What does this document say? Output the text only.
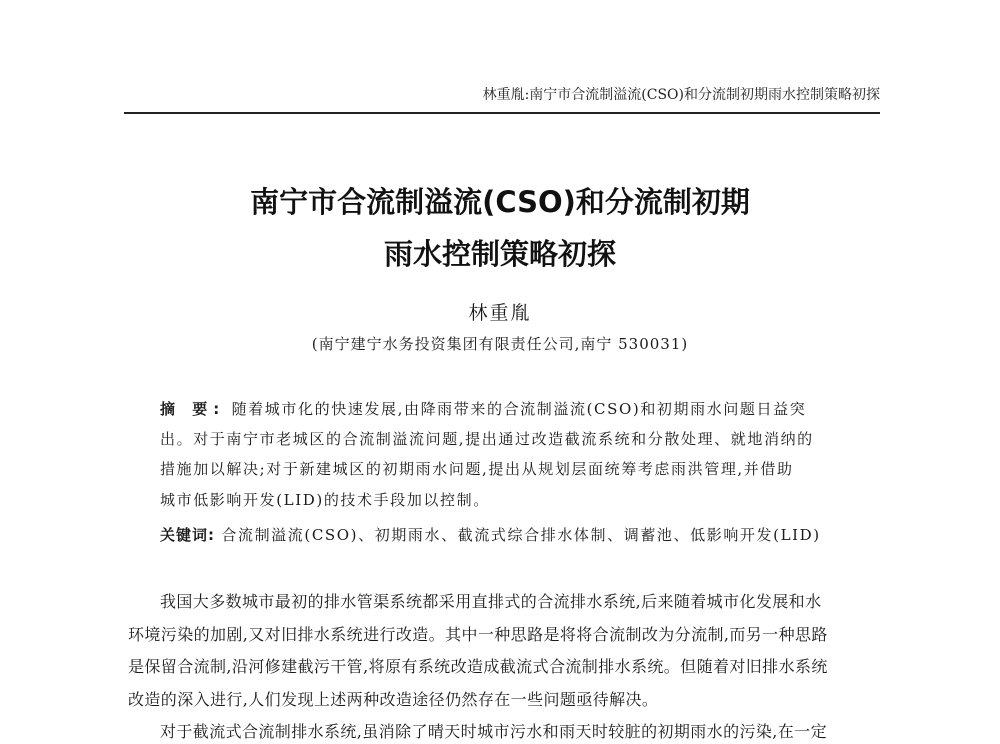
林重胤:南宁市合流制溢流(CSO)和分流制初期雨水控制策略初探
南宁市合流制溢流(CSO)和分流制初期
雨水控制策略初探
林重胤
(南宁建宁水务投资集团有限责任公司,南宁 530031)
摘 要: 随着城市化的快速发展,由降雨带来的合流制溢流(CSO)和初期雨水问题日益突
出。对于南宁市老城区的合流制溢流问题,提出通过改造截流系统和分散处理、就地消纳的
措施加以解决;对于新建城区的初期雨水问题,提出从规划层面统筹考虑雨洪管理,并借助
城市低影响开发(LID)的技术手段加以控制。
关键词: 合流制溢流(CSO)、初期雨水、截流式综合排水体制、调蓄池、低影响开发(LID)
我国大多数城市最初的排水管渠系统都采用直排式的合流排水系统,后来随着城市化发展和水
环境污染的加剧,又对旧排水系统进行改造。其中一种思路是将将合流制改为分流制,而另一种思路
是保留合流制,沿河修建截污干管,将原有系统改造成截流式合流制排水系统。但随着对旧排水系统
改造的深入进行,人们发现上述两种改造途径仍然存在一些问题亟待解决。
对于截流式合流制排水系统,虽消除了晴天时城市污水和雨天时较脏的初期雨水的污染,在一定
